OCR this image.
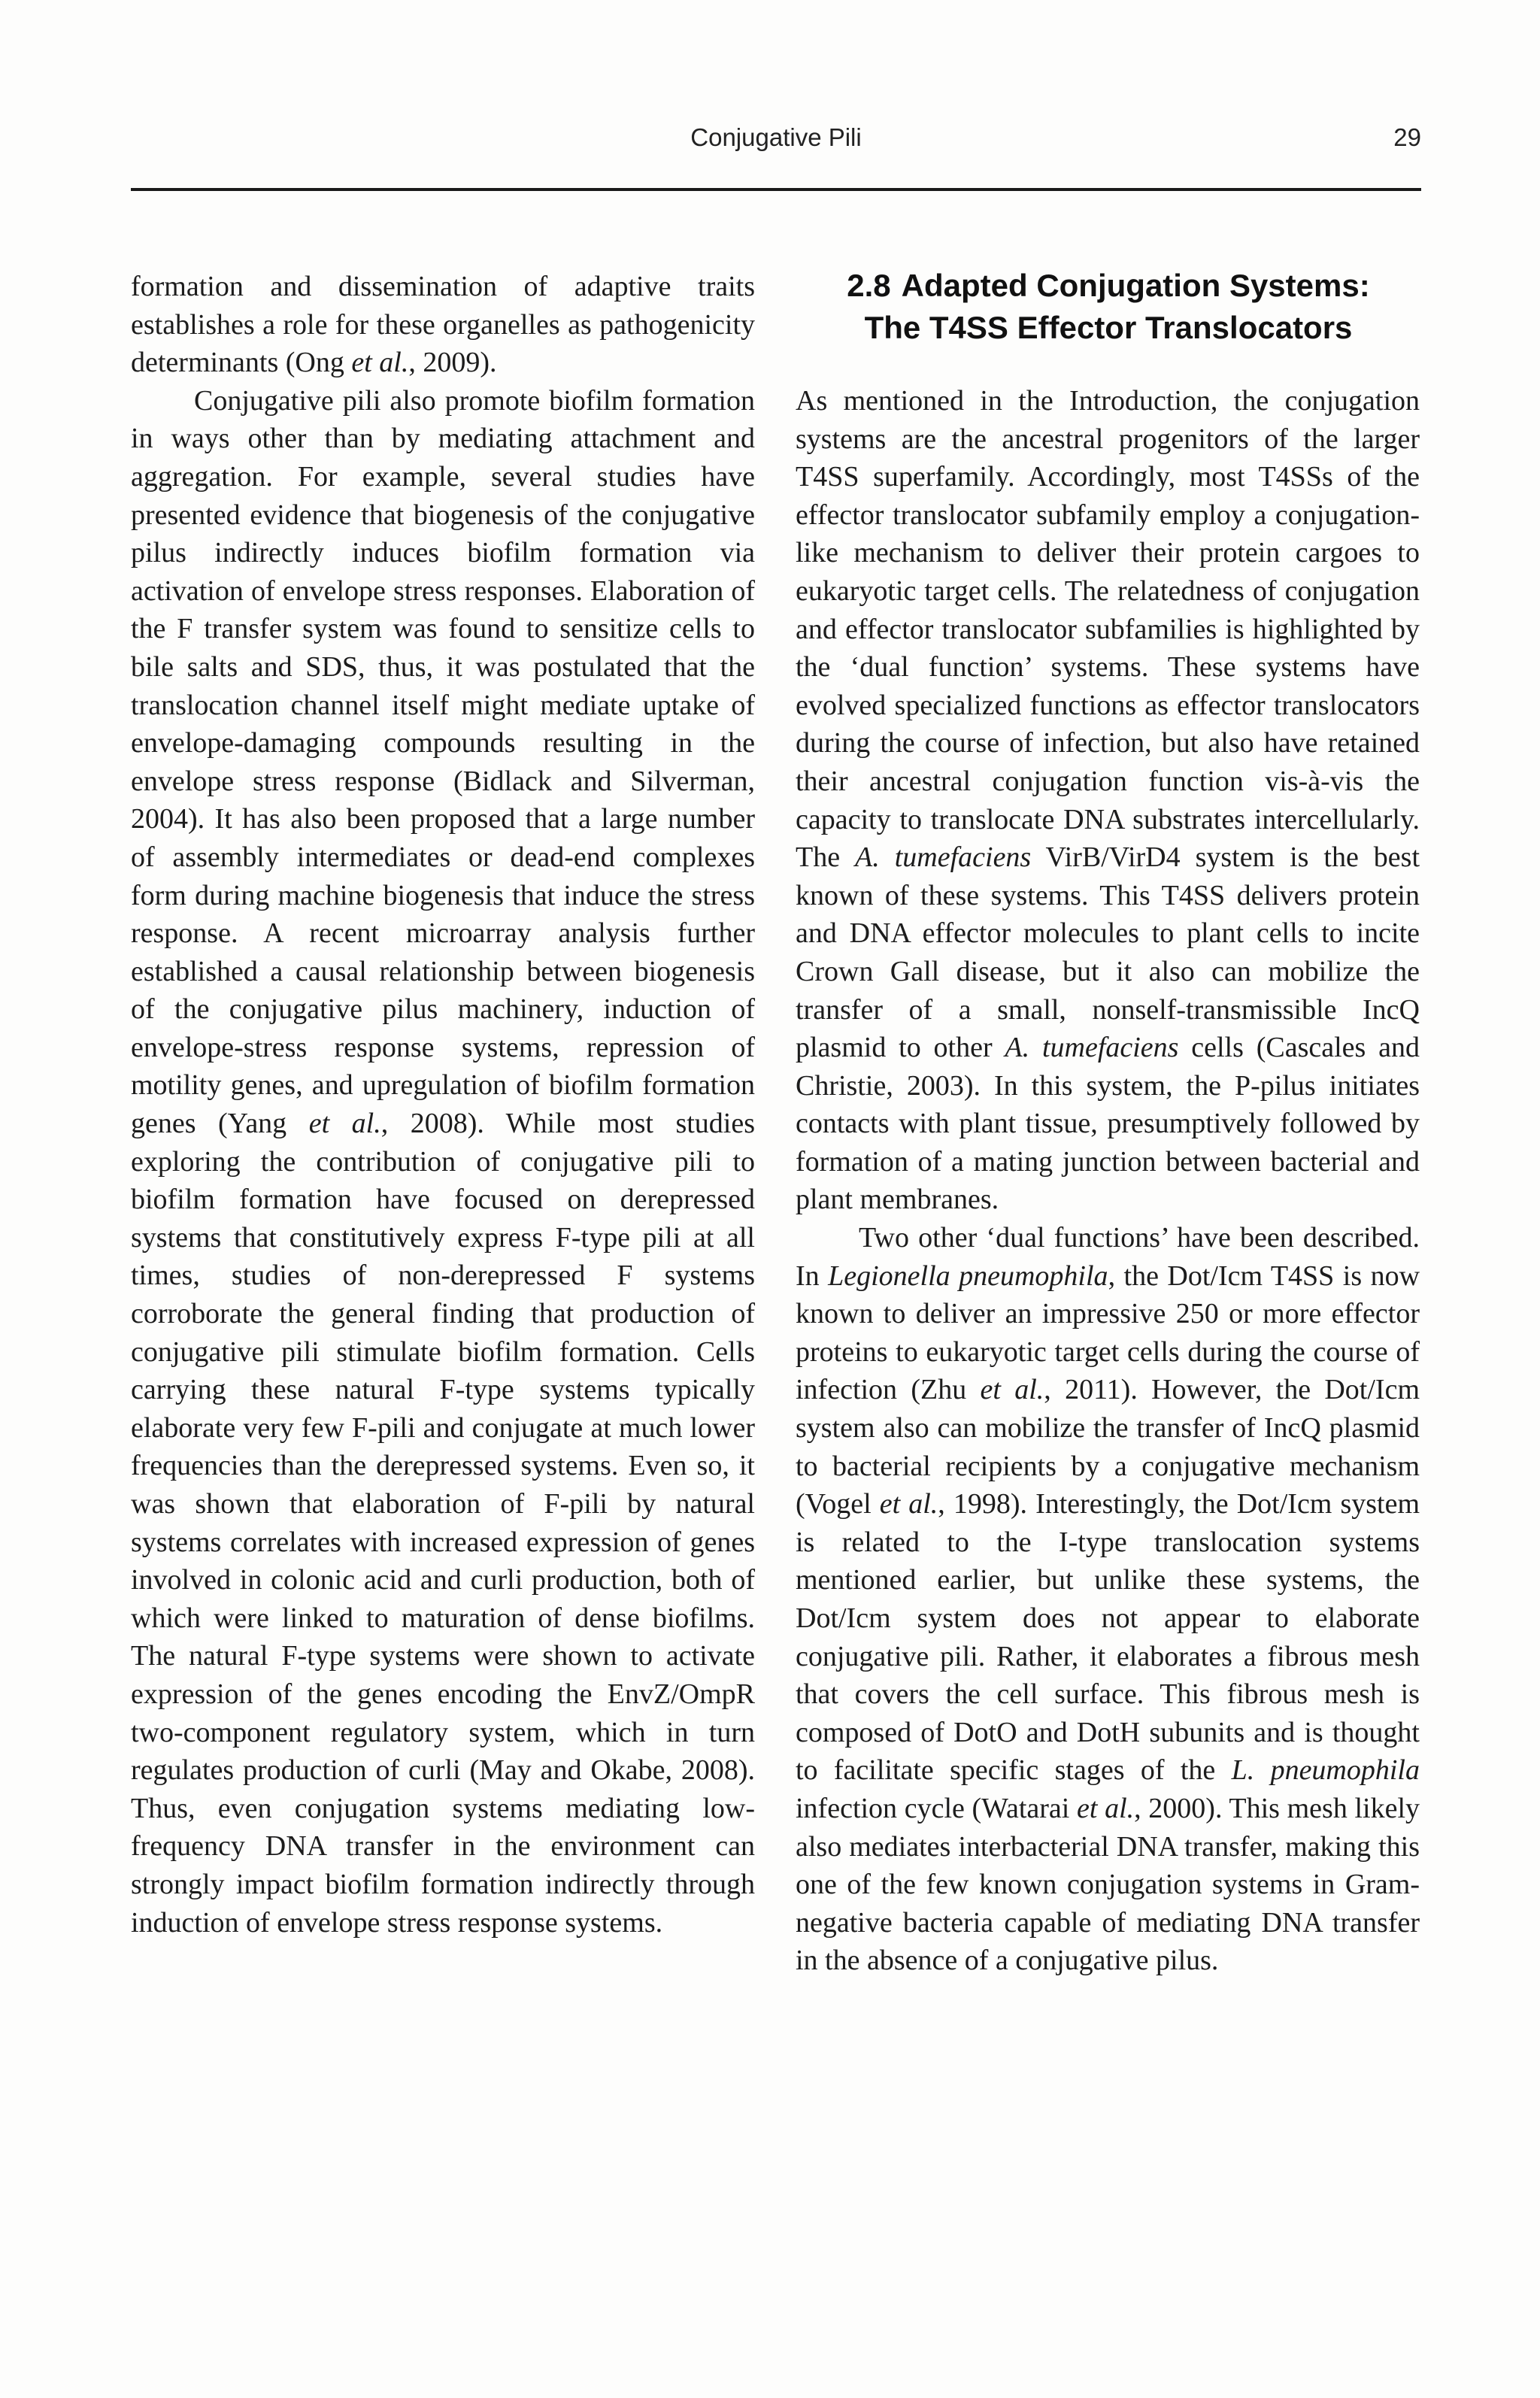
Conjugative Pili	29

formation and dissemination of adaptive traits establishes a role for these organelles as pathogenicity determinants (Ong et al., 2009).

Conjugative pili also promote biofilm formation in ways other than by mediating attachment and aggregation. For example, several studies have presented evidence that biogenesis of the conjugative pilus indirectly induces biofilm formation via activation of envelope stress responses. Elaboration of the F transfer system was found to sensitize cells to bile salts and SDS, thus, it was postulated that the translocation channel itself might mediate uptake of envelope-damaging compounds resulting in the envelope stress response (Bidlack and Silverman, 2004). It has also been proposed that a large number of assembly intermediates or dead-end complexes form during machine biogenesis that induce the stress response. A recent microarray analysis further established a causal relationship between biogenesis of the conjugative pilus machinery, induction of envelope-stress response systems, repression of motility genes, and upregulation of biofilm formation genes (Yang et al., 2008). While most studies exploring the contribution of conjugative pili to biofilm formation have focused on derepressed systems that constitutively express F-type pili at all times, studies of non-derepressed F systems corroborate the general finding that production of conjugative pili stimulate biofilm formation. Cells carrying these natural F-type systems typically elaborate very few F-pili and conjugate at much lower frequencies than the derepressed systems. Even so, it was shown that elaboration of F-pili by natural systems correlates with increased expression of genes involved in colonic acid and curli production, both of which were linked to maturation of dense biofilms. The natural F-type systems were shown to activate expression of the genes encoding the EnvZ/OmpR two-component regulatory system, which in turn regulates production of curli (May and Okabe, 2008). Thus, even conjugation systems mediating low-frequency DNA transfer in the environment can strongly impact biofilm formation indirectly through induction of envelope stress response systems.

2.8 Adapted Conjugation Systems:
The T4SS Effector Translocators

As mentioned in the Introduction, the conjugation systems are the ancestral progenitors of the larger T4SS superfamily. Accordingly, most T4SSs of the effector translocator subfamily employ a conjugation-like mechanism to deliver their protein cargoes to eukaryotic target cells. The relatedness of conjugation and effector translocator subfamilies is highlighted by the ‘dual function’ systems. These systems have evolved specialized functions as effector translocators during the course of infection, but also have retained their ancestral conjugation function vis-à-vis the capacity to translocate DNA substrates intercellularly. The A. tumefaciens VirB/VirD4 system is the best known of these systems. This T4SS delivers protein and DNA effector molecules to plant cells to incite Crown Gall disease, but it also can mobilize the transfer of a small, nonself-transmissible IncQ plasmid to other A. tumefaciens cells (Cascales and Christie, 2003). In this system, the P-pilus initiates contacts with plant tissue, presumptively followed by formation of a mating junction between bacterial and plant membranes.

Two other ‘dual functions’ have been described. In Legionella pneumophila, the Dot/Icm T4SS is now known to deliver an impressive 250 or more effector proteins to eukaryotic target cells during the course of infection (Zhu et al., 2011). However, the Dot/Icm system also can mobilize the transfer of IncQ plasmid to bacterial recipients by a conjugative mechanism (Vogel et al., 1998). Interestingly, the Dot/Icm system is related to the I-type translocation systems mentioned earlier, but unlike these systems, the Dot/Icm system does not appear to elaborate conjugative pili. Rather, it elaborates a fibrous mesh that covers the cell surface. This fibrous mesh is composed of DotO and DotH subunits and is thought to facilitate specific stages of the L. pneumophila infection cycle (Watarai et al., 2000). This mesh likely also mediates interbacterial DNA transfer, making this one of the few known conjugation systems in Gram-negative bacteria capable of mediating DNA transfer in the absence of a conjugative pilus.
